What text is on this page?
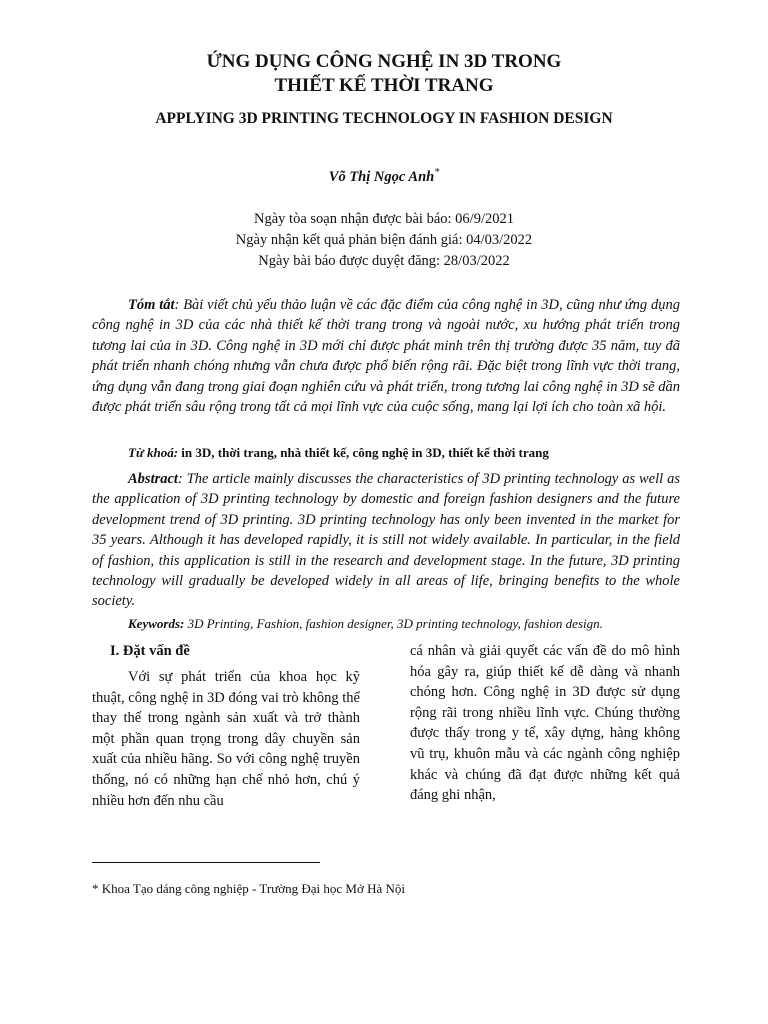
ỨNG DỤNG CÔNG NGHỆ IN 3D TRONG
THIẾT KẾ THỜI TRANG
APPLYING 3D PRINTING TECHNOLOGY IN FASHION DESIGN
Võ Thị Ngọc Anh*
Ngày tòa soạn nhận được bài báo: 06/9/2021
Ngày nhận kết quả phản biện đánh giá: 04/03/2022
Ngày bài báo được duyệt đăng: 28/03/2022
Tóm tắt: Bài viết chủ yếu thảo luận về các đặc điểm của công nghệ in 3D, cũng như ứng dụng công nghệ in 3D của các nhà thiết kế thời trang trong và ngoài nước, xu hướng phát triển trong tương lai của in 3D. Công nghệ in 3D mới chỉ được phát minh trên thị trường được 35 năm, tuy đã phát triển nhanh chóng nhưng vẫn chưa được phổ biến rộng rãi. Đặc biệt trong lĩnh vực thời trang, ứng dụng vẫn đang trong giai đoạn nghiên cứu và phát triển, trong tương lai công nghệ in 3D sẽ dần được phát triển sâu rộng trong tất cả mọi lĩnh vực của cuộc sống, mang lại lợi ích cho toàn xã hội.
Từ khoá: in 3D, thời trang, nhà thiết kế, công nghệ in 3D, thiết kế thời trang
Abstract: The article mainly discusses the characteristics of 3D printing technology as well as the application of 3D printing technology by domestic and foreign fashion designers and the future development trend of 3D printing. 3D printing technology has only been invented in the market for 35 years. Although it has developed rapidly, it is still not widely available. In particular, in the field of fashion, this application is still in the research and development stage. In the future, 3D printing technology will gradually be developed widely in all areas of life, bringing benefits to the whole society.
Keywords: 3D Printing, Fashion, fashion designer, 3D printing technology, fashion design.
I. Đặt vấn đề

Với sự phát triển của khoa học kỹ thuật, công nghệ in 3D đóng vai trò không thể thay thế trong ngành sản xuất và trở thành một phần quan trọng trong dây chuyền sản xuất của nhiều hãng. So với công nghệ truyền thống, nó có những hạn chế nhỏ hơn, chú ý nhiều hơn đến nhu cầu

cá nhân và giải quyết các vấn đề do mô hình hóa gây ra, giúp thiết kế dễ dàng và nhanh chóng hơn. Công nghệ in 3D được sử dụng rộng rãi trong nhiều lĩnh vực. Chúng thường được thấy trong y tế, xây dựng, hàng không vũ trụ, khuôn mẫu và các ngành công nghiệp khác và chúng đã đạt được những kết quả đáng ghi nhận,

* Khoa Tạo dáng công nghiệp - Trường Đại học Mở Hà Nội
